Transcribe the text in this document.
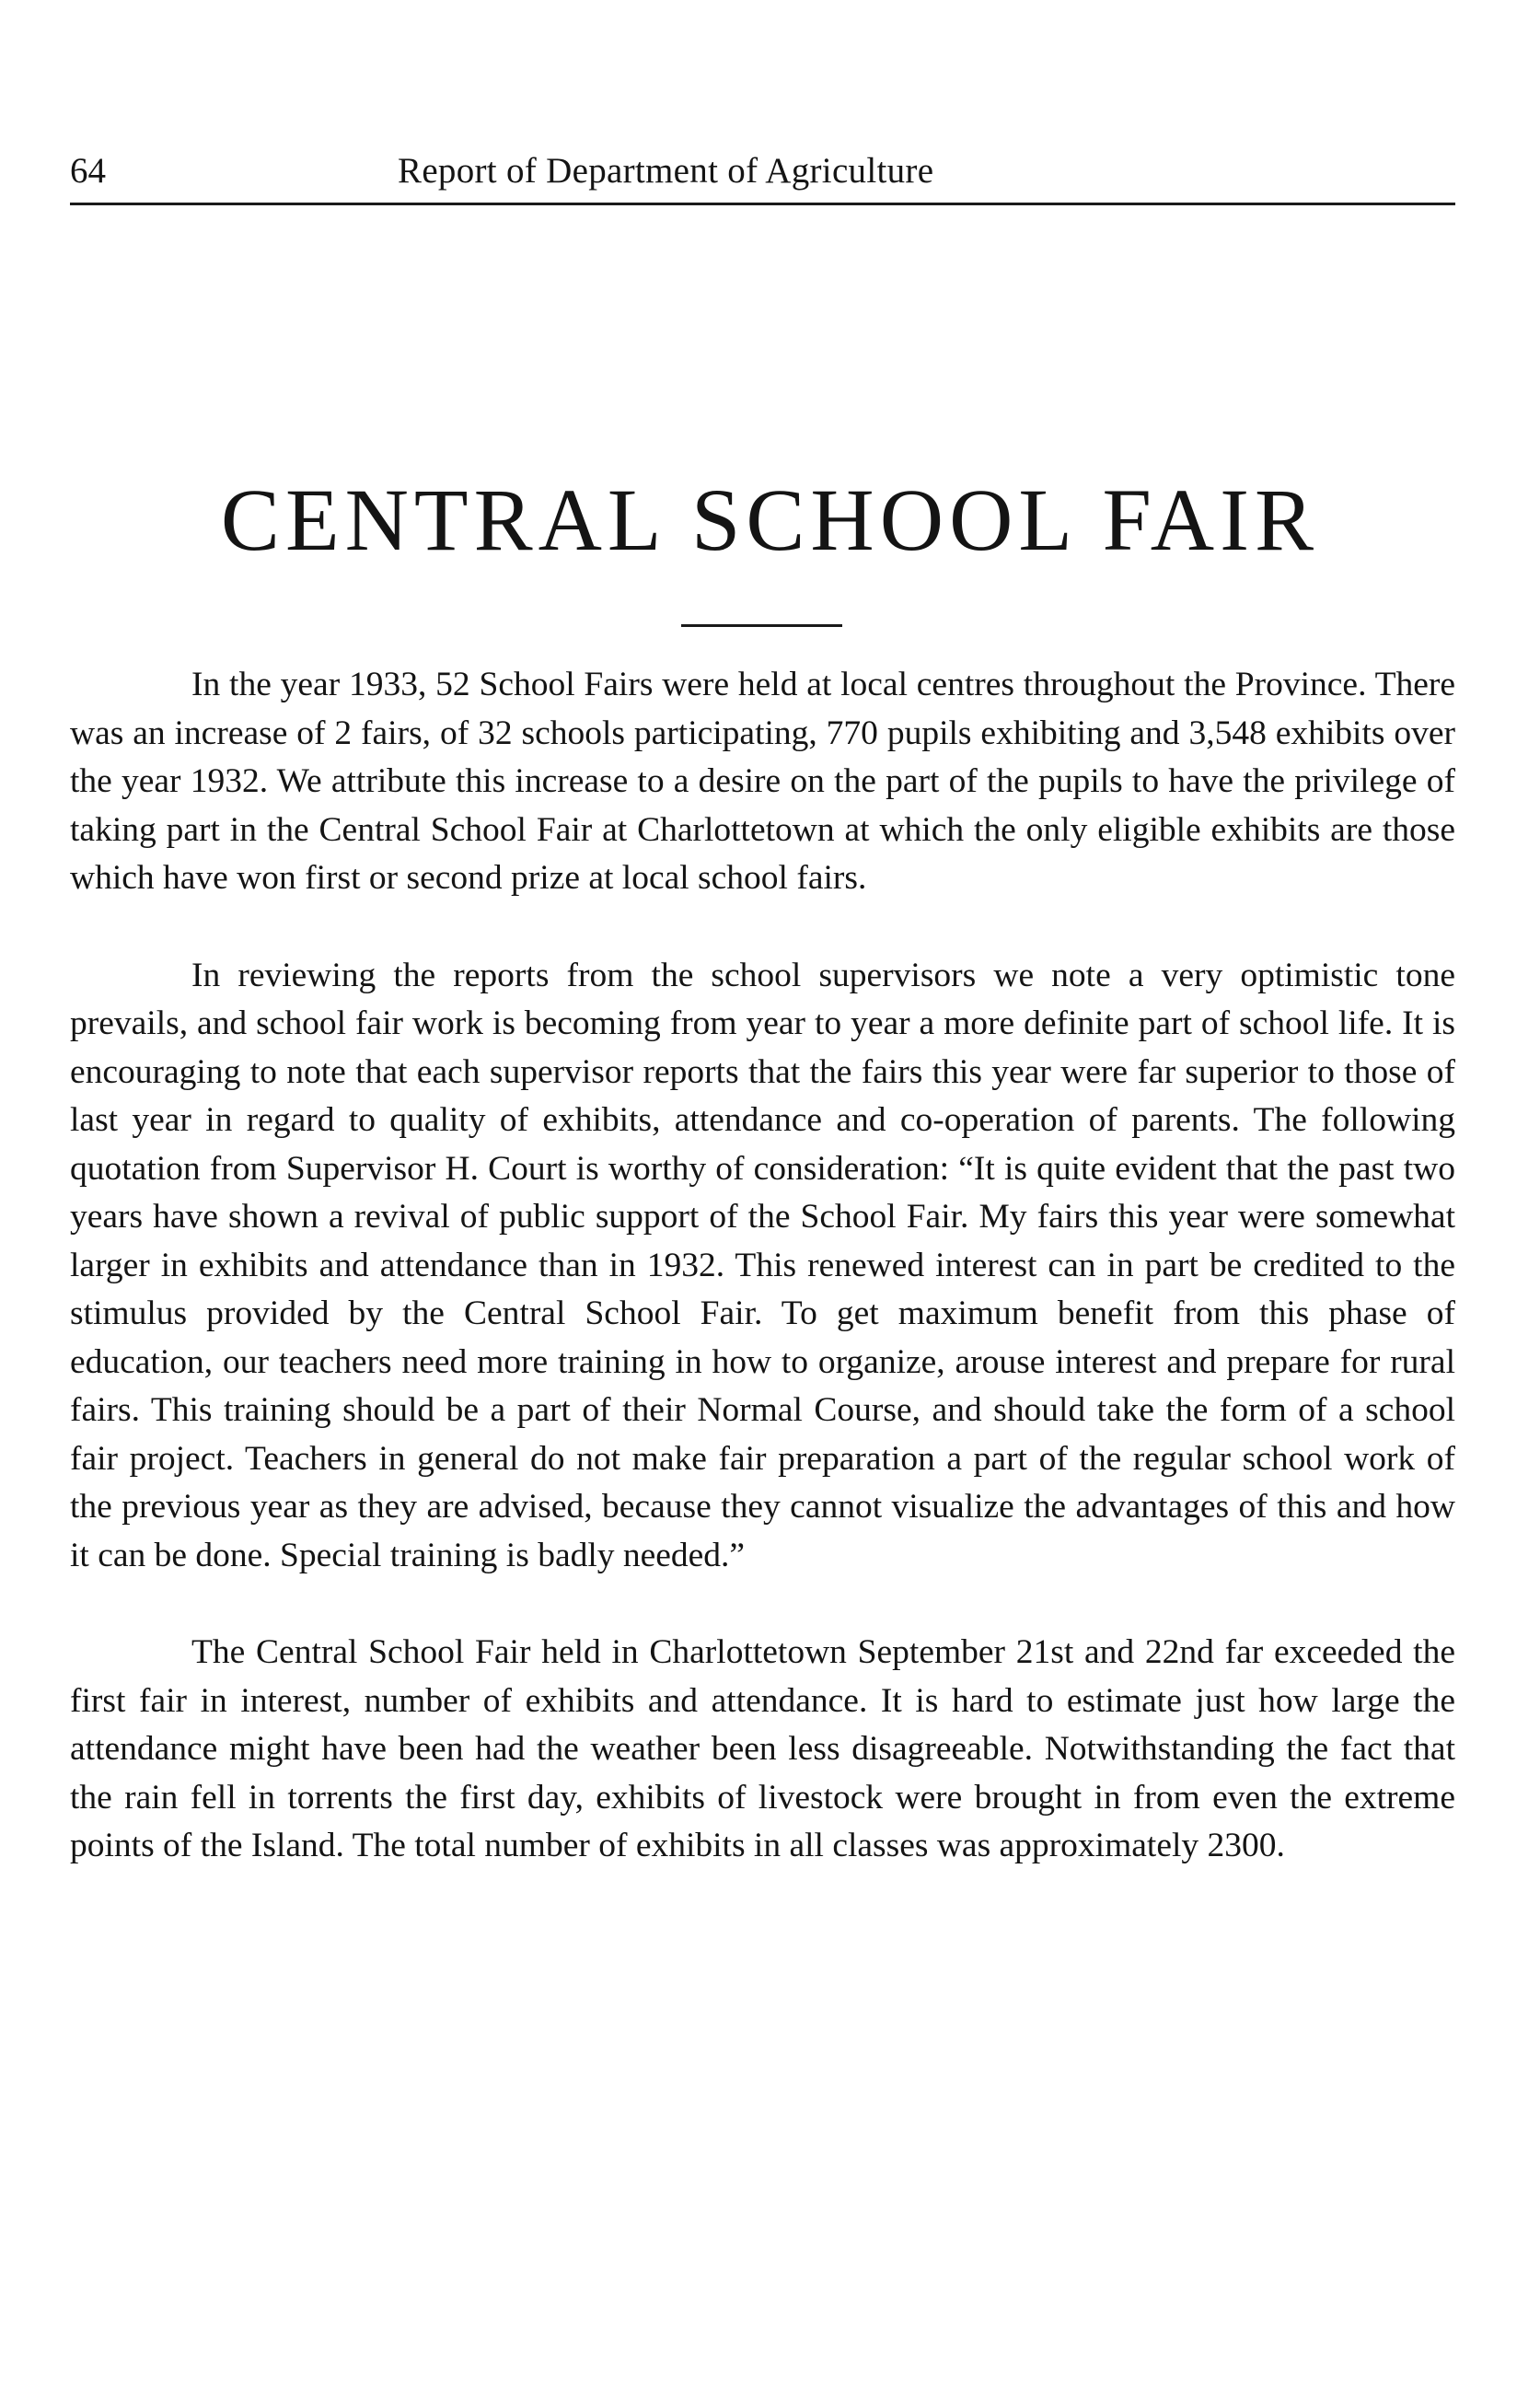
64	Report of Department of Agriculture
CENTRAL SCHOOL FAIR

In the year 1933, 52 School Fairs were held at local centres throughout the Province. There was an increase of 2 fairs, of 32 schools participating, 770 pupils exhibiting and 3,548 exhibits over the year 1932. We attribute this increase to a desire on the part of the pupils to have the privilege of taking part in the Central School Fair at Charlottetown at which the only eligible exhibits are those which have won first or second prize at local school fairs.

In reviewing the reports from the school supervisors we note a very optimistic tone prevails, and school fair work is becoming from year to year a more definite part of school life. It is encouraging to note that each supervisor reports that the fairs this year were far superior to those of last year in regard to quality of exhibits, attendance and co-operation of parents. The following quotation from Supervisor H. Court is worthy of consideration: “It is quite evident that the past two years have shown a revival of public support of the School Fair. My fairs this year were somewhat larger in exhibits and attendance than in 1932. This renewed interest can in part be credited to the stimulus provided by the Central School Fair. To get maximum benefit from this phase of education, our teachers need more training in how to organize, arouse interest and prepare for rural fairs. This training should be a part of their Normal Course, and should take the form of a school fair project. Teachers in general do not make fair preparation a part of the regular school work of the previous year as they are advised, because they cannot visualize the advantages of this and how it can be done. Special training is badly needed.”

The Central School Fair held in Charlottetown September 21st and 22nd far exceeded the first fair in interest, number of exhibits and attendance. It is hard to estimate just how large the attendance might have been had the weather been less disagreeable. Notwithstanding the fact that the rain fell in torrents the first day, exhibits of livestock were brought in from even the extreme points of the Island. The total number of exhibits in all classes was approximately 2300.
